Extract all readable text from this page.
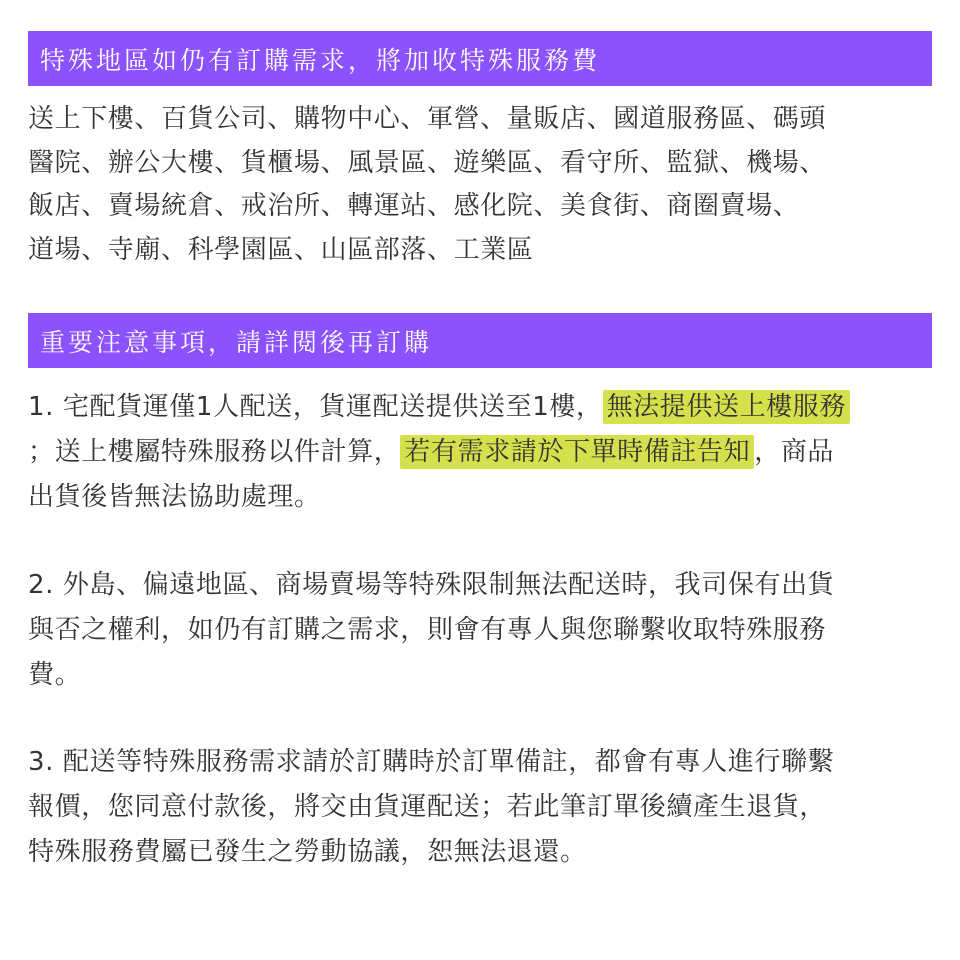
特殊地區如仍有訂購需求，將加收特殊服務費
送上下樓、百貨公司、購物中心、軍營、量販店、國道服務區、碼頭
醫院、辦公大樓、貨櫃場、風景區、遊樂區、看守所、監獄、機場、
飯店、賣場統倉、戒治所、轉運站、感化院、美食街、商圈賣場、
道場、寺廟、科學園區、山區部落、工業區
重要注意事項，請詳閱後再訂購
1. 宅配貨運僅1人配送，貨運配送提供送至1樓， 無法提供送上樓服務
；送上樓屬特殊服務以件計算， 若有需求請於下單時備註告知 ，商品
出貨後皆無法協助處理。
2. 外島、偏遠地區、商場賣場等特殊限制無法配送時，我司保有出貨
與否之權利，如仍有訂購之需求，則會有專人與您聯繫收取特殊服務
費。
3. 配送等特殊服務需求請於訂購時於訂單備註，都會有專人進行聯繫
報價，您同意付款後，將交由貨運配送；若此筆訂單後續產生退貨，
特殊服務費屬已發生之勞動協議，恕無法退還。
